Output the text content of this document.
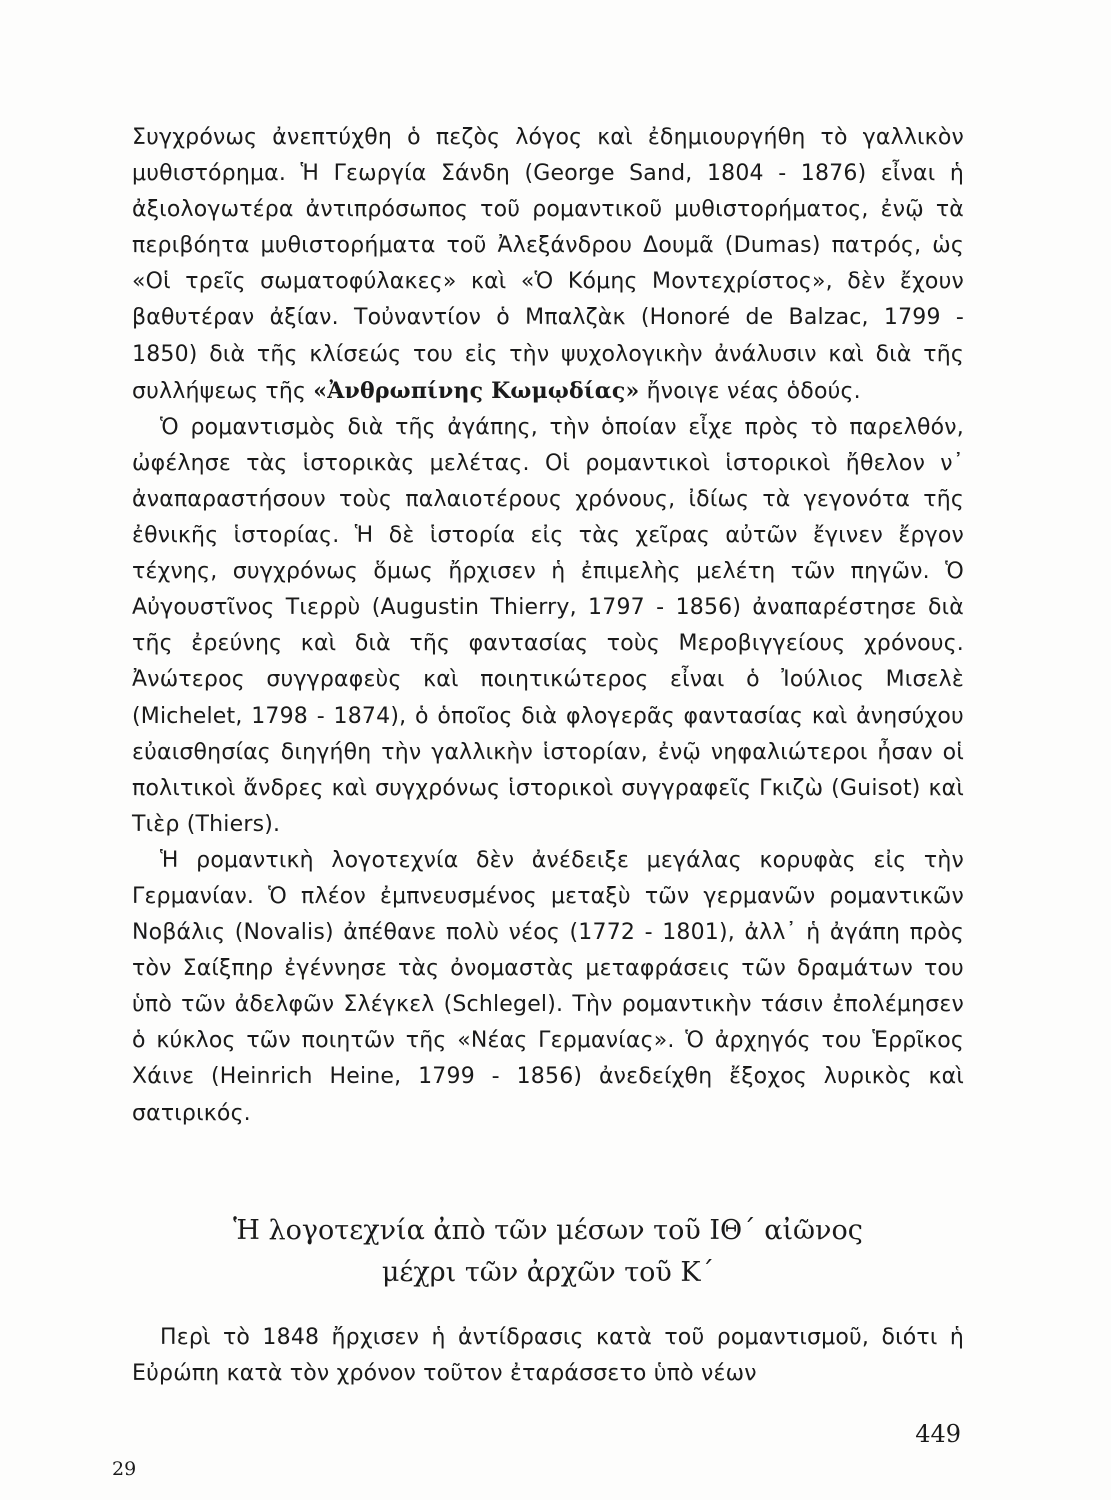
Συγχρόνως ἀνεπτύχθη ὁ πεζὸς λόγος καὶ ἐδημιουργήθη τὸ γαλλικὸν μυθιστόρημα. Ἡ Γεωργία Σάνδη (George Sand, 1804 - 1876) εἶναι ἡ ἀξιολογωτέρα ἀντιπρόσωπος τοῦ ρομαντικοῦ μυθιστορήματος, ἐνῷ τὰ περιβόητα μυθιστορήματα τοῦ Ἀλεξάνδρου Δουμᾶ (Dumas) πατρός, ὡς «Οἱ τρεῖς σωματοφύλακες» καὶ «Ὁ Κόμης Μοντεχρίστος», δὲν ἔχουν βαθυτέραν ἀξίαν. Τοὐναντίον ὁ Μπαλζὰκ (Honoré de Balzac, 1799 - 1850) διὰ τῆς κλίσεώς του εἰς τὴν ψυχολογικὴν ἀνάλυσιν καὶ διὰ τῆς συλλήψεως τῆς «Ἀνθρωπίνης Κωμῳδίας» ἤνοιγε νέας ὁδούς.

Ὁ ρομαντισμὸς διὰ τῆς ἀγάπης, τὴν ὁποίαν εἶχε πρὸς τὸ παρελθόν, ὠφέλησε τὰς ἱστορικὰς μελέτας. Οἱ ρομαντικοὶ ἱστορικοὶ ἤθελον ν᾿ ἀναπαραστήσουν τοὺς παλαιοτέρους χρόνους, ἰδίως τὰ γεγονότα τῆς ἐθνικῆς ἱστορίας. Ἡ δὲ ἱστορία εἰς τὰς χεῖρας αὐτῶν ἔγινεν ἔργον τέχνης, συγχρόνως ὅμως ἤρχισεν ἡ ἐπιμελὴς μελέτη τῶν πηγῶν. Ὁ Αὐγουστῖνος Τιερρὺ (Augustin Thierry, 1797 - 1856) ἀναπαρέστησε διὰ τῆς ἐρεύνης καὶ διὰ τῆς φαντασίας τοὺς Μεροβιγγείους χρόνους. Ἀνώτερος συγγραφεὺς καὶ ποιητικώτερος εἶναι ὁ Ἰούλιος Μισελὲ (Michelet, 1798 - 1874), ὁ ὁποῖος διὰ φλογερᾶς φαντασίας καὶ ἀνησύχου εὐαισθησίας διηγήθη τὴν γαλλικὴν ἱστορίαν, ἐνῷ νηφαλιώτεροι ἦσαν οἱ πολιτικοὶ ἄνδρες καὶ συγχρόνως ἱστορικοὶ συγγραφεῖς Γκιζὼ (Guisot) καὶ Τιὲρ (Thiers).

Ἡ ρομαντικὴ λογοτεχνία δὲν ἀνέδειξε μεγάλας κορυφὰς εἰς τὴν Γερμανίαν. Ὁ πλέον ἐμπνευσμένος μεταξὺ τῶν γερμανῶν ρομαντικῶν Νοβάλις (Novalis) ἀπέθανε πολὺ νέος (1772 - 1801), ἀλλ᾿ ἡ ἀγάπη πρὸς τὸν Σαίξπηρ ἐγέννησε τὰς ὀνομαστὰς μεταφράσεις τῶν δραμάτων του ὑπὸ τῶν ἀδελφῶν Σλέγκελ (Schlegel). Τὴν ρομαντικὴν τάσιν ἐπολέμησεν ὁ κύκλος τῶν ποιητῶν τῆς «Νέας Γερμανίας». Ὁ ἀρχηγός του Ἑρρῖκος Χάινε (Heinrich Heine, 1799 - 1856) ἀνεδείχθη ἔξοχος λυρικὸς καὶ σατιρικός.

Ἡ λογοτεχνία ἀπὸ τῶν μέσων τοῦ ΙΘ΄ αἰῶνος
μέχρι τῶν ἀρχῶν τοῦ Κ΄

Περὶ τὸ 1848 ἤρχισεν ἡ ἀντίδρασις κατὰ τοῦ ρομαντισμοῦ, διότι ἡ Εὐρώπη κατὰ τὸν χρόνον τοῦτον ἐταράσσετο ὑπὸ νέων

449
29
